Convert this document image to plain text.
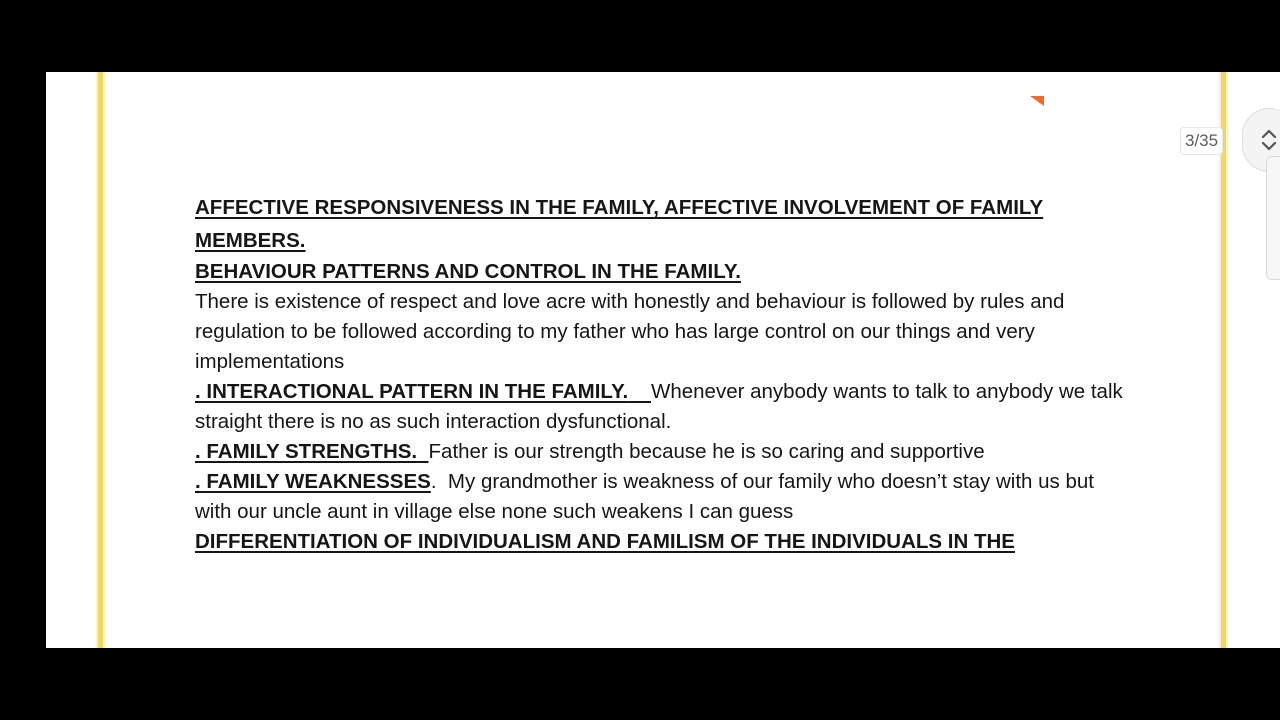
AFFECTIVE RESPONSIVENESS IN THE FAMILY, AFFECTIVE INVOLVEMENT OF FAMILY MEMBERS.

BEHAVIOUR PATTERNS AND CONTROL IN THE FAMILY.

There is existence of respect and love acre with honestly and behaviour is followed by rules and regulation to be followed according to my father who has large control on our things and very implementations

. INTERACTIONAL PATTERN IN THE FAMILY. Whenever anybody wants to talk to anybody we talk straight there is no as such interaction dysfunctional.

. FAMILY STRENGTHS. Father is our strength because he is so caring and supportive

. FAMILY WEAKNESSES. My grandmother is weakness of our family who doesn’t stay with us but with our uncle aunt in village else none such weakens I can guess

DIFFERENTIATION OF INDIVIDUALISM AND FAMILISM OF THE INDIVIDUALS IN THE

3/35
